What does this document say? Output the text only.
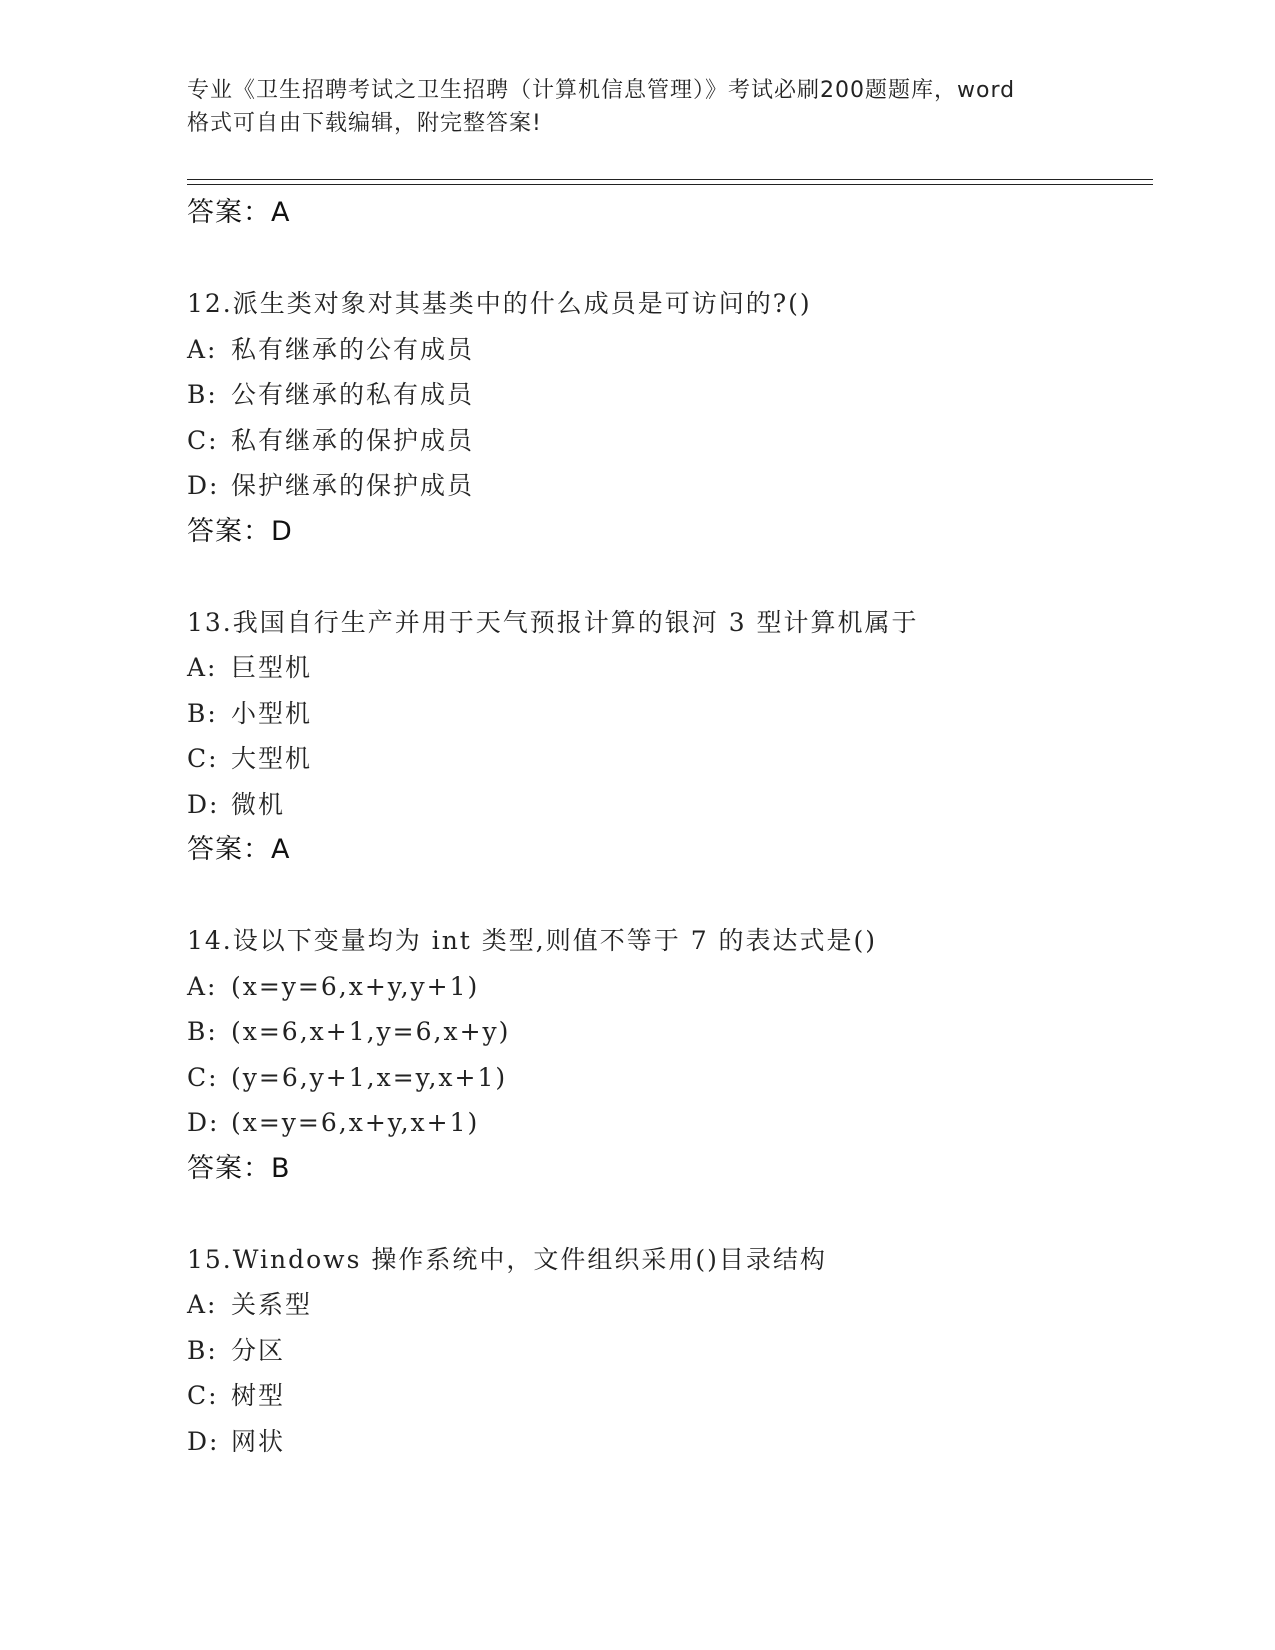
专业《卫生招聘考试之卫生招聘（计算机信息管理）》考试必刷200题题库，word
格式可自由下载编辑，附完整答案!
答案：A
12.派生类对象对其基类中的什么成员是可访问的?()
A: 私有继承的公有成员
B: 公有继承的私有成员
C: 私有继承的保护成员
D: 保护继承的保护成员
答案：D
13.我国自行生产并用于天气预报计算的银河 3 型计算机属于
A: 巨型机
B: 小型机
C: 大型机
D: 微机
答案：A
14.设以下变量均为 int 类型,则值不等于 7 的表达式是()
A: (x=y=6,x+y,y+1)
B: (x=6,x+1,y=6,x+y)
C: (y=6,y+1,x=y,x+1)
D: (x=y=6,x+y,x+1)
答案：B
15.Windows 操作系统中，文件组织采用()目录结构
A: 关系型
B: 分区
C: 树型
D: 网状
